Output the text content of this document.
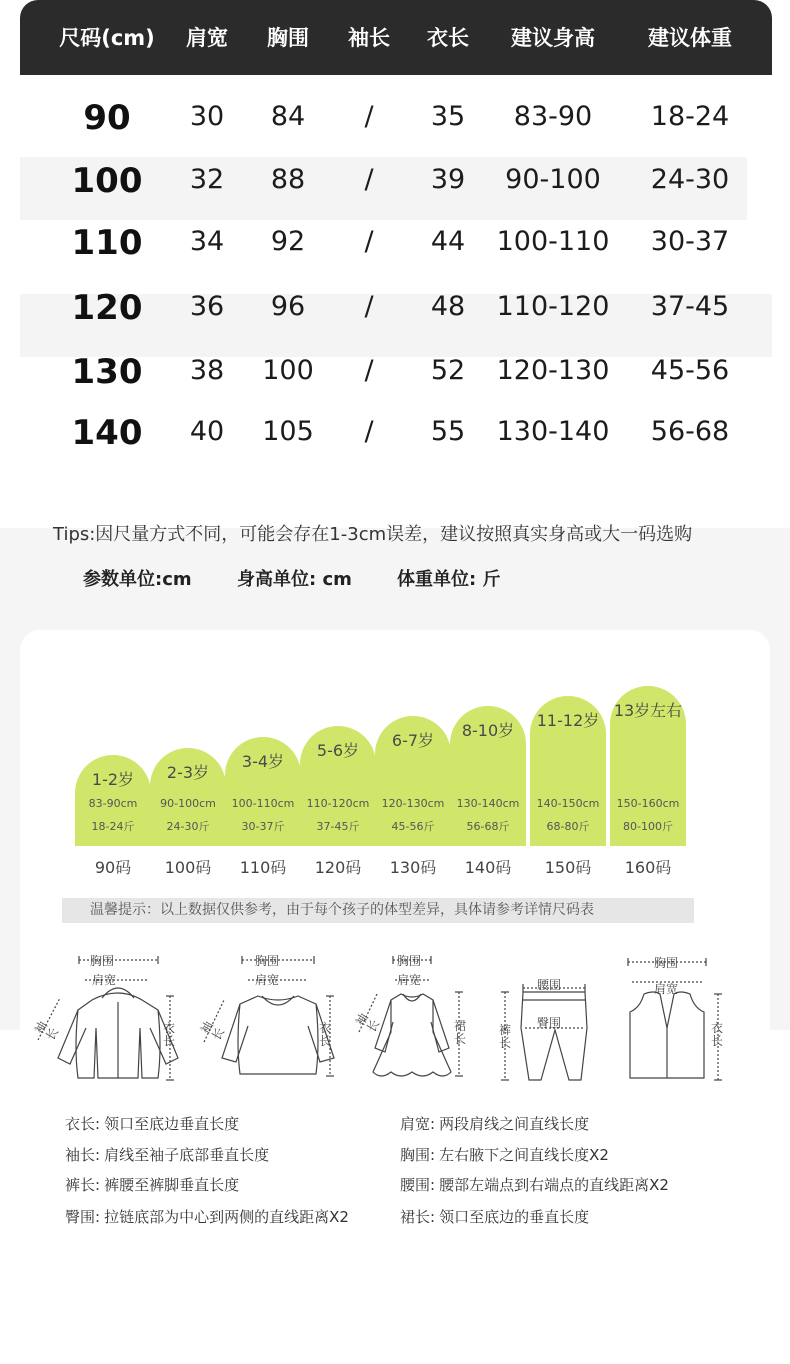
尺码(cm) 肩宽 胸围 袖长 衣长 建议身高	建议体重
90 30 84 / 35 83-90 18-24
100 32 88 / 39 90-100 24-30
110 34 92 / 44 100-110 30-37
120 36 96 / 48 110-120 37-45
130 38 100 / 52 120-130 45-56
140 40 105 / 55 130-140 56-68
Tips:因尺量方式不同，可能会存在1-3cm误差，建议按照真实身高或大一码选购
参数单位:cm	身高单位: cm	体重单位: 斤
1-2岁
83-90cm
18-24斤
2-3岁
90-100cm
24-30斤
3-4岁
100-110cm
30-37斤
5-6岁
110-120cm
37-45斤
6-7岁
120-130cm
45-56斤
8-10岁
130-140cm
56-68斤
11-12岁
140-150cm
68-80斤
13岁左右
150-160cm
80-100斤
90码 100码 110码 120码 130码 140码 150码 160码
温馨提示：以上数据仅供参考，由于每个孩子的体型差异，具体请参考详情尺码表
胸围
肩宽
袖长	衣长
胸围
肩宽
袖长	衣长
胸围
肩宽
袖长	裙长
腰围
臀围
裤长
胸围
肩宽
衣长
衣长: 领口至底边垂直长度
袖长: 肩线至袖子底部垂直长度
裤长: 裤腰至裤脚垂直长度
臀围: 拉链底部为中心到两侧的直线距离X2
肩宽: 两段肩线之间直线长度
胸围: 左右腋下之间直线长度X2
腰围: 腰部左端点到右端点的直线距离X2
裙长: 领口至底边的垂直长度
